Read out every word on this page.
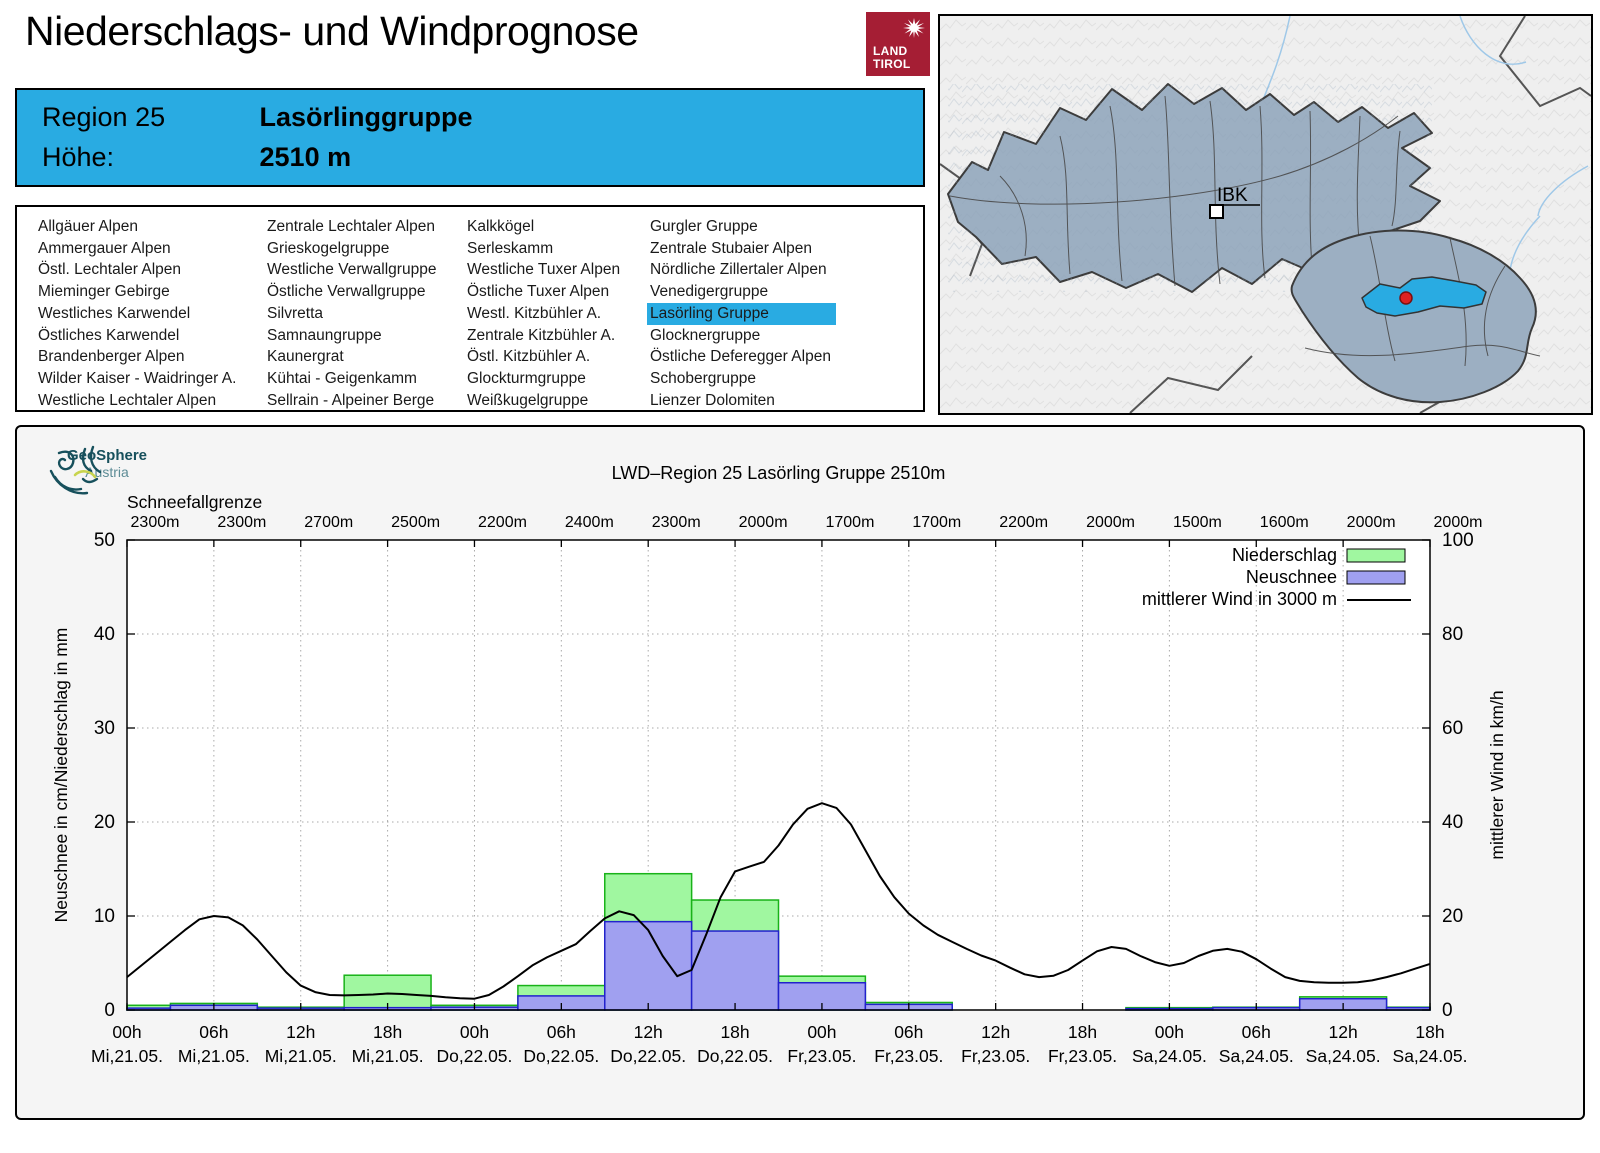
Niederschlags- und Windprognose	LAND
TIROL
Region 25	Lasörlinggruppe
Höhe:	2510 m
Allgäuer Alpen
Ammergauer Alpen
Östl. Lechtaler Alpen
Mieminger Gebirge
Westliches Karwendel
Östliches Karwendel
Brandenberger Alpen
Wilder Kaiser - Waidringer A.
Westliche Lechtaler Alpen
Zentrale Lechtaler Alpen
Grieskogelgruppe
Westliche Verwallgruppe
Östliche Verwallgruppe
Silvretta
Samnaungruppe
Kaunergrat
Kühtai - Geigenkamm
Sellrain - Alpeiner Berge
Kalkkögel
Serleskamm
Westliche Tuxer Alpen
Östliche Tuxer Alpen
Westl. Kitzbühler A.
Zentrale Kitzbühler A.
Östl. Kitzbühler A.
Glockturmgruppe
Weißkugelgruppe
Gurgler Gruppe
Zentrale Stubaier Alpen
Nördliche Zillertaler Alpen
Venedigergruppe
Lasörling Gruppe
Glocknergruppe
Östliche Deferegger Alpen
Schobergruppe
Lienzer Dolomiten
IBK
GeoSphere
Austria	LWD–Region 25 Lasörling Gruppe 2510m
Schneefallgrenze
2300m 2300m 2700m 2500m 2200m 2400m 2300m 2000m 1700m 1700m 2200m 2000m 1500m 1600m 2000m 2000m
0
10
20
30
40
50
0
20
40
60
80
100
00h	06h	12h	18h	00h	06h	12h	18h	00h	06h	12h	18h	00h	06h	12h	18h
Mi,21.05. Mi,21.05. Mi,21.05. Mi,21.05. Do,22.05. Do,22.05. Do,22.05. Do,22.05. Fr,23.05. Fr,23.05. Fr,23.05. Fr,23.05. Sa,24.05. Sa,24.05. Sa,24.05. Sa,24.05.
Neuschnee in cm/Niederschlag in mm	mittlerer Wind in km/h
Niederschlag
Neuschnee
mittlerer Wind in 3000 m
